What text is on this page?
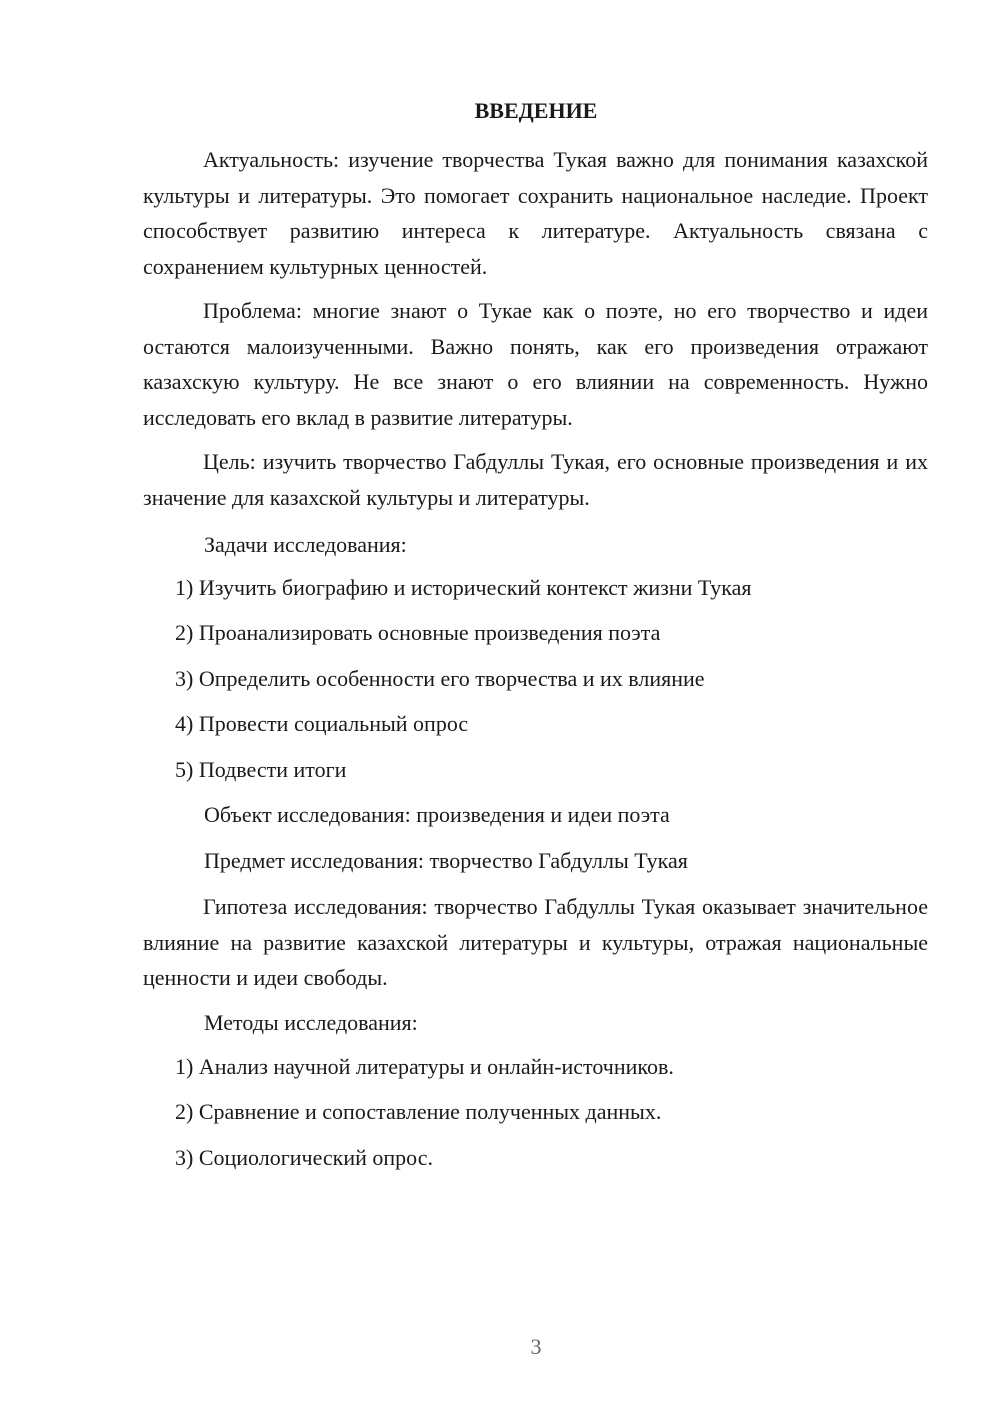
ВВЕДЕНИЕ

Актуальность: изучение творчества Тукая важно для понимания казахской культуры и литературы. Это помогает сохранить национальное наследие. Проект способствует развитию интереса к литературе. Актуальность связана с сохранением культурных ценностей.

Проблема: многие знают о Тукае как о поэте, но его творчество и идеи остаются малоизученными. Важно понять, как его произведения отражают казахскую культуру. Не все знают о его влиянии на современность. Нужно исследовать его вклад в развитие литературы.

Цель: изучить творчество Габдуллы Тукая, его основные произведения и их значение для казахской культуры и литературы.

Задачи исследования:

1) Изучить биографию и исторический контекст жизни Тукая

2) Проанализировать основные произведения поэта

3) Определить особенности его творчества и их влияние

4) Провести социальный опрос

5) Подвести итоги

Объект исследования: произведения и идеи поэта

Предмет исследования: творчество Габдуллы Тукая

Гипотеза исследования: творчество Габдуллы Тукая оказывает значительное влияние на развитие казахской литературы и культуры, отражая национальные ценности и идеи свободы.

Методы исследования:

1) Анализ научной литературы и онлайн-источников.

2) Сравнение и сопоставление полученных данных.

3) Социологический опрос.

3
